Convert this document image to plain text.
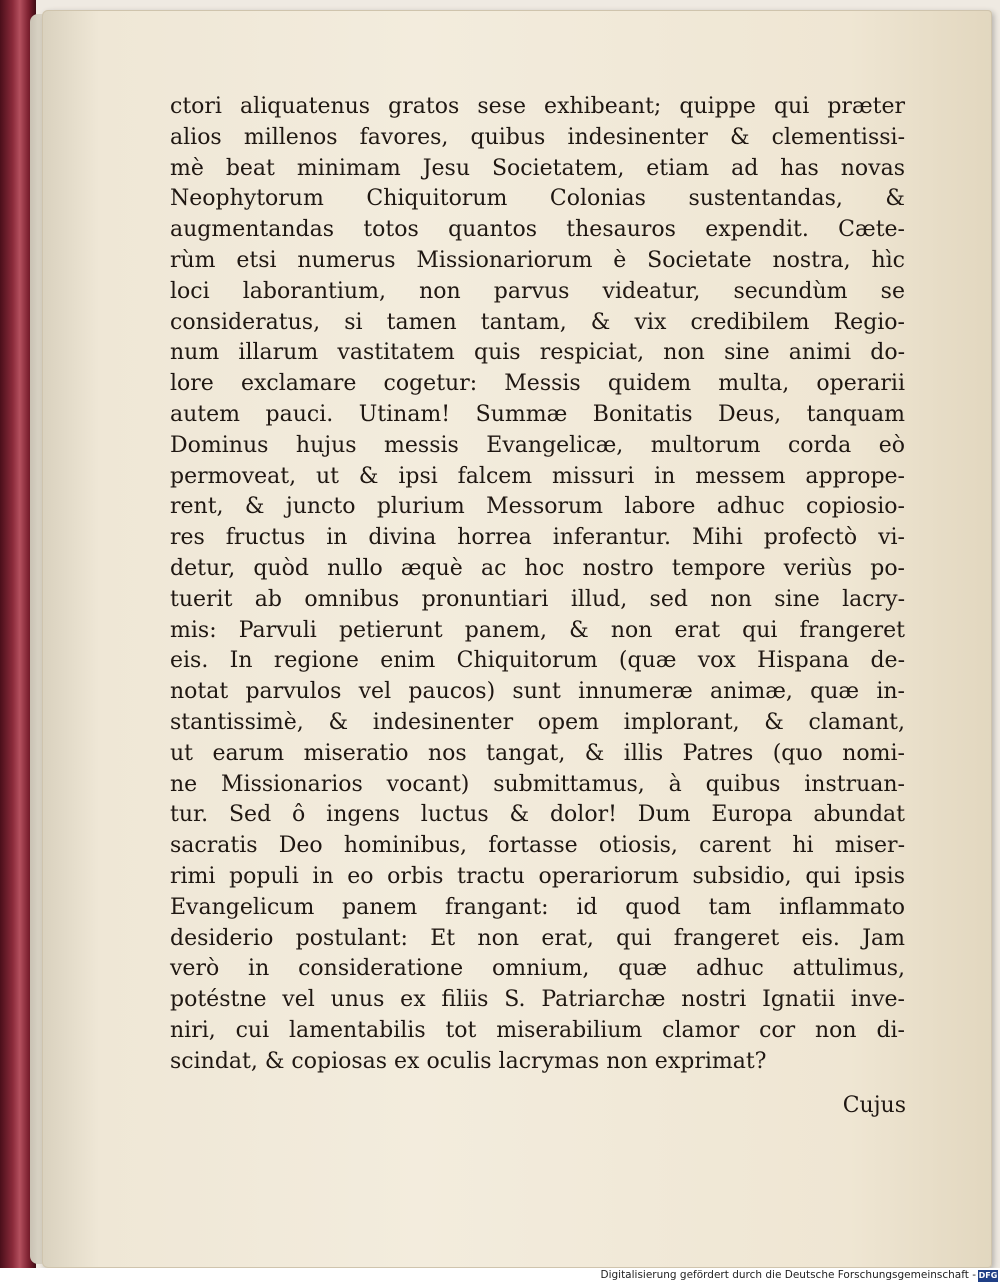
ctori aliquatenus gratos sese exhibeant; quippe qui præter
alios millenos favores, quibus indesinenter & clementissi-
mè beat minimam Jesu Societatem, etiam ad has novas
Neophytorum Chiquitorum Colonias sustentandas, &
augmentandas totos quantos thesauros expendit. Cæte-
rùm etsi numerus Missionariorum è Societate nostra, hìc
loci laborantium, non parvus videatur, secundùm se
consideratus, si tamen tantam, & vix credibilem Regio-
num illarum vastitatem quis respiciat, non sine animi do-
lore exclamare cogetur: Messis quidem multa, operarii
autem pauci. Utinam! Summæ Bonitatis Deus, tanquam
Dominus hujus messis Evangelicæ, multorum corda eò
permoveat, ut & ipsi falcem missuri in messem apprope-
rent, & juncto plurium Messorum labore adhuc copiosio-
res fructus in divina horrea inferantur. Mihi profectò vi-
detur, quòd nullo æquè ac hoc nostro tempore veriùs po-
tuerit ab omnibus pronuntiari illud, sed non sine lacry-
mis: Parvuli petierunt panem, & non erat qui frangeret
eis. In regione enim Chiquitorum (quæ vox Hispana de-
notat parvulos vel paucos) sunt innumeræ animæ, quæ in-
stantissimè, & indesinenter opem implorant, & clamant,
ut earum miseratio nos tangat, & illis Patres (quo nomi-
ne Missionarios vocant) submittamus, à quibus instruan-
tur. Sed ô ingens luctus & dolor! Dum Europa abundat
sacratis Deo hominibus, fortasse otiosis, carent hi miser-
rimi populi in eo orbis tractu operariorum subsidio, qui ipsis
Evangelicum panem frangant: id quod tam inflammato
desiderio postulant: Et non erat, qui frangeret eis. Jam
verò in consideratione omnium, quæ adhuc attulimus,
potéstne vel unus ex filiis S. Patriarchæ nostri Ignatii inve-
niri, cui lamentabilis tot miserabilium clamor cor non di-
scindat, & copiosas ex oculis lacrymas non exprimat?
Cujus
Digitalisierung gefördert durch die Deutsche Forschungsgemeinschaft - DFG
